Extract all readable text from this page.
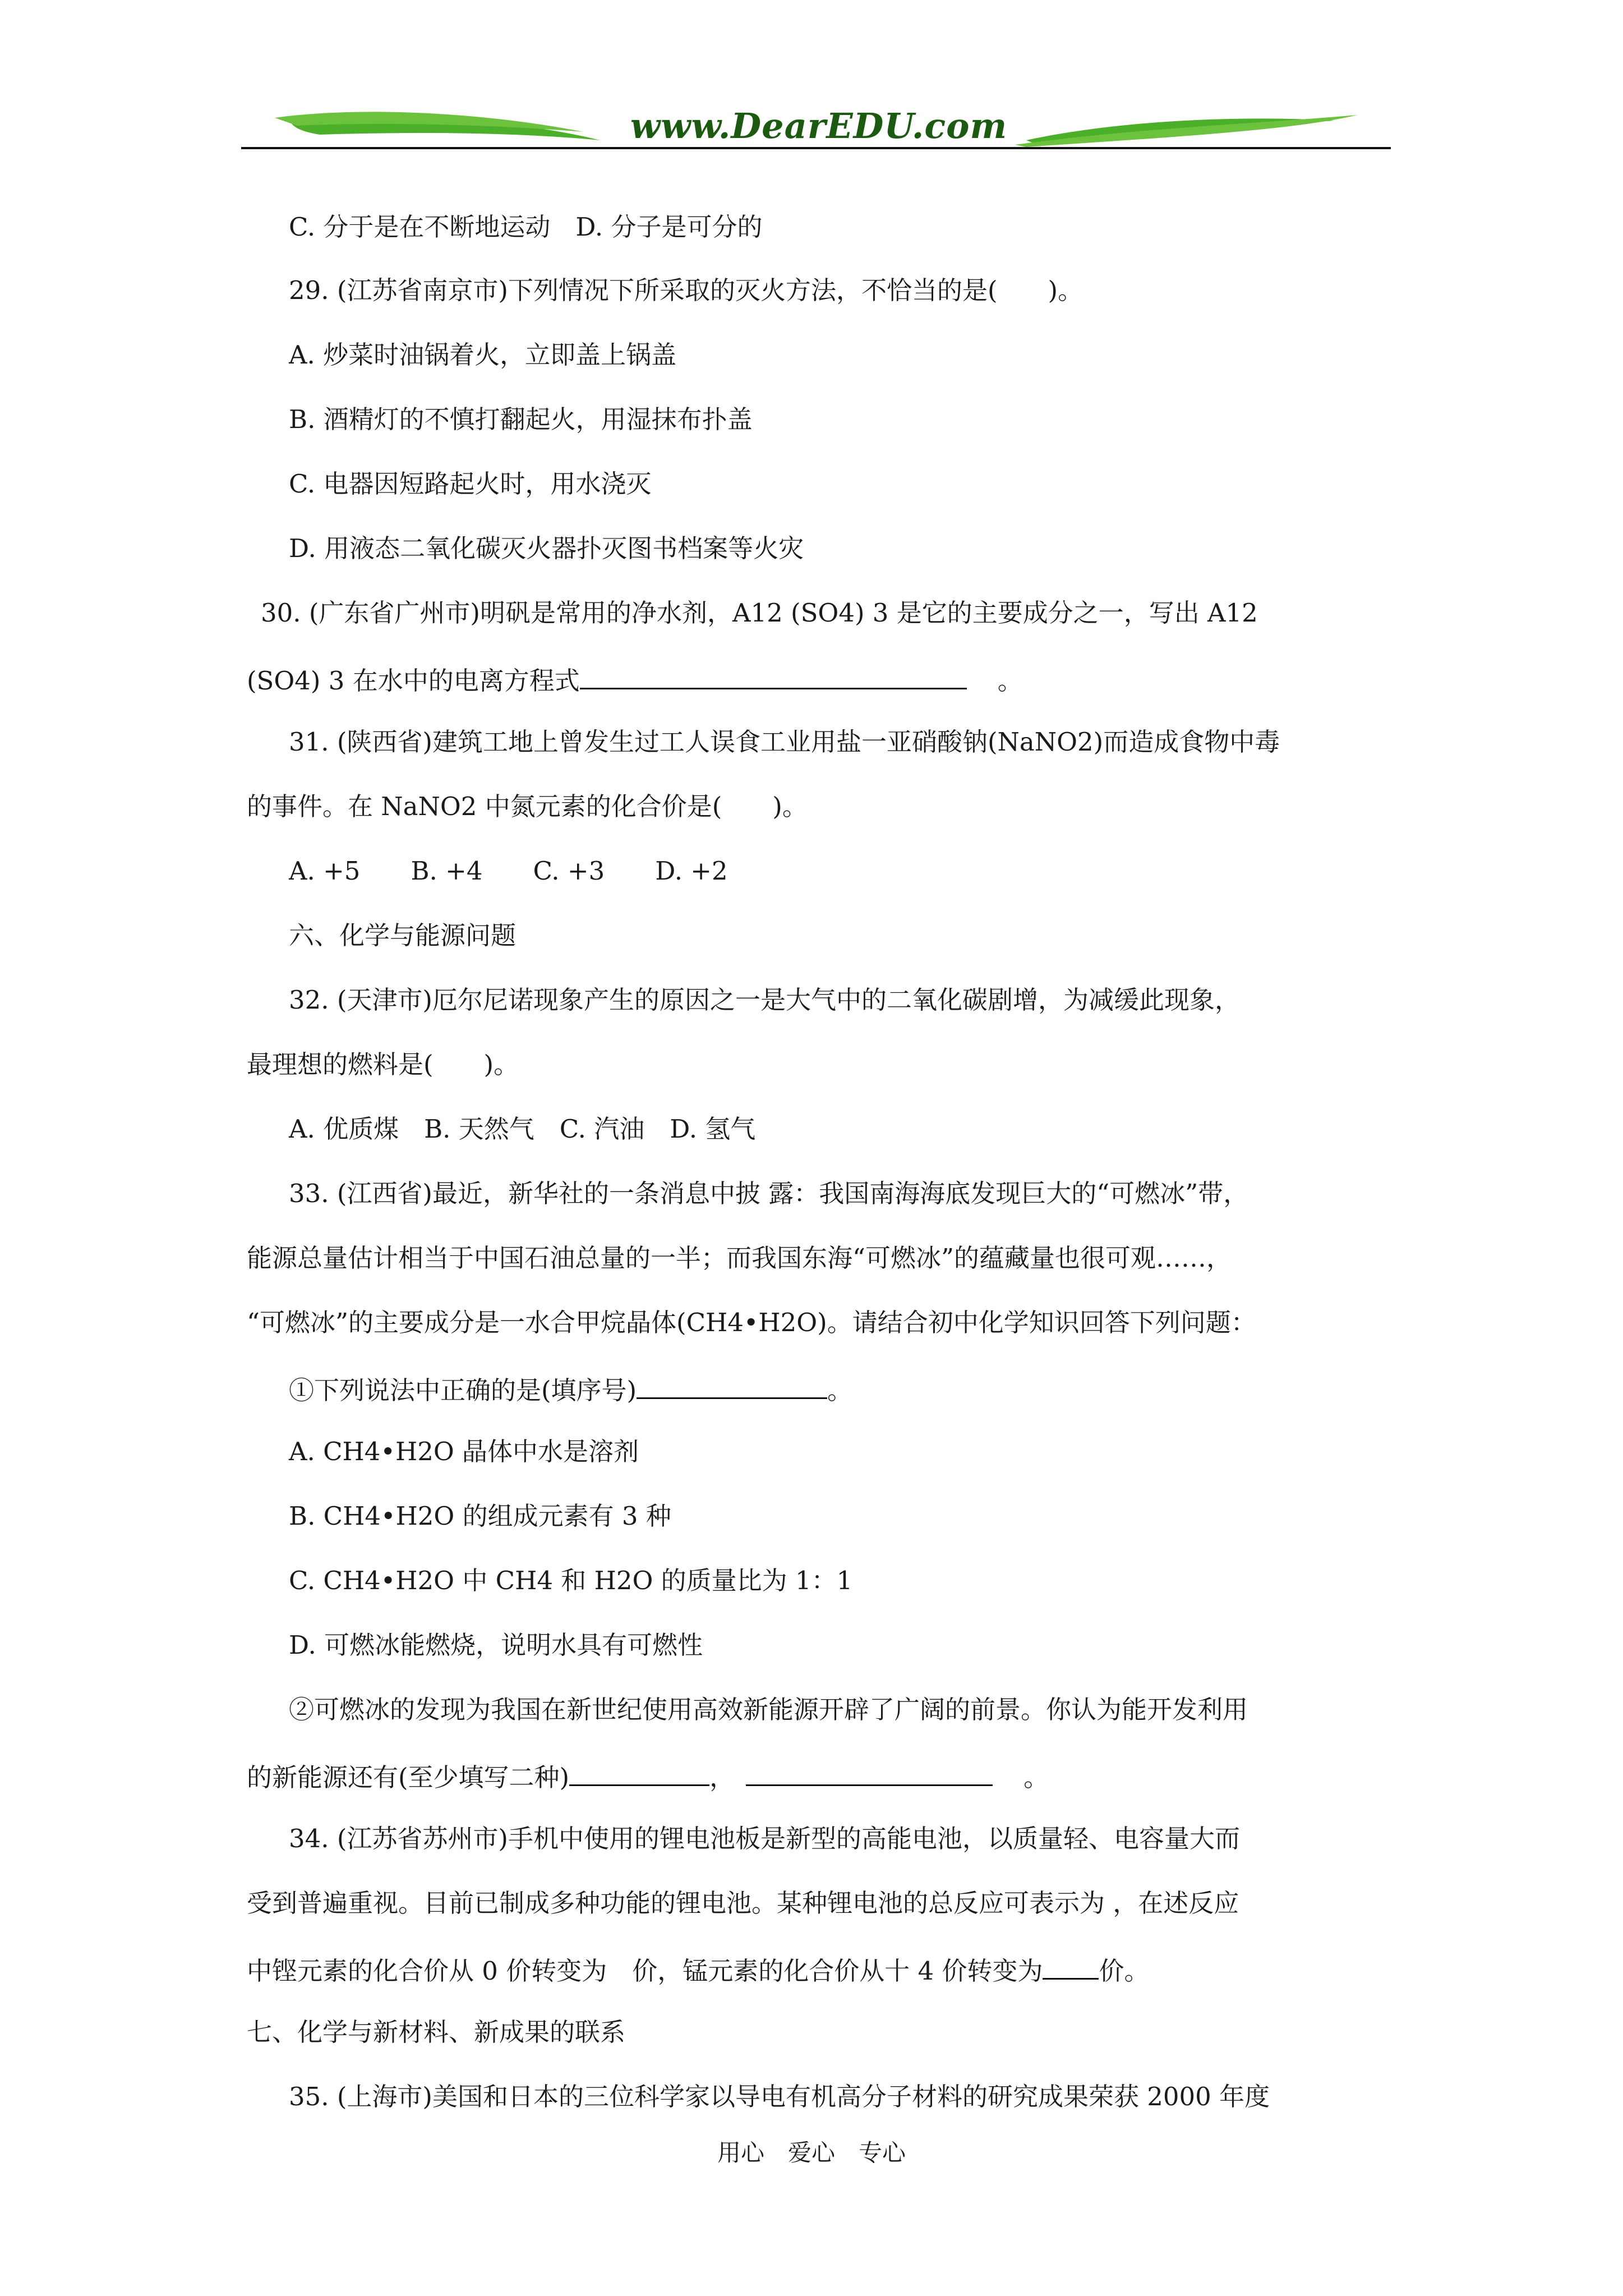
www.DearEDU.com
C. 分于是在不断地运动　D. 分子是可分的
29. (江苏省南京市)下列情况下所采取的灭火方法，不恰当的是(　　)。
A. 炒菜时油锅着火，立即盖上锅盖
B. 酒精灯的不慎打翻起火，用湿抹布扑盖
C. 电器因短路起火时，用水浇灭
D. 用液态二氧化碳灭火器扑灭图书档案等火灾
30. (广东省广州市)明矾是常用的净水剂，A12 (SO4) 3 是它的主要成分之一，写出 A12
(SO4) 3 在水中的电离方程式	。
31. (陕西省)建筑工地上曾发生过工人误食工业用盐一亚硝酸钠(NaNO2)而造成食物中毒
的事件。在 NaNO2 中氮元素的化合价是(　　)。
A. +5　　B. +4　　C. +3　　D. +2
六、化学与能源问题
32. (天津市)厄尔尼诺现象产生的原因之一是大气中的二氧化碳剧增，为减缓此现象，
最理想的燃料是(　　)。
A. 优质煤　B. 天然气　C. 汽油　D. 氢气
33. (江西省)最近，新华社的一条消息中披 露：我国南海海底发现巨大的“可燃冰”带，
能源总量估计相当于中国石油总量的一半；而我国东海“可燃冰”的蕴藏量也很可观……，
“可燃冰”的主要成分是一水合甲烷晶体(CH4•H2O)。请结合初中化学知识回答下列问题：
①下列说法中正确的是(填序号)	。
A. CH4•H2O 晶体中水是溶剂
B. CH4•H2O 的组成元素有 3 种
C. CH4•H2O 中 CH4 和 H2O 的质量比为 1：1
D. 可燃冰能燃烧，说明水具有可燃性
②可燃冰的发现为我国在新世纪使用高效新能源开辟了广阔的前景。你认为能开发利用
的新能源还有(至少填写二种)	，	。
34. (江苏省苏州市)手机中使用的锂电池板是新型的高能电池，以质量轻、电容量大而
受到普遍重视。目前已制成多种功能的锂电池。某种锂电池的总反应可表示为 ，在述反应
中铿元素的化合价从 0 价转变为　价，锰元素的化合价从十 4 价转变为 价。
七、化学与新材料、新成果的联系
35. (上海市)美国和日本的三位科学家以导电有机高分子材料的研究成果荣获 2000 年度
用心　爱心　专心
